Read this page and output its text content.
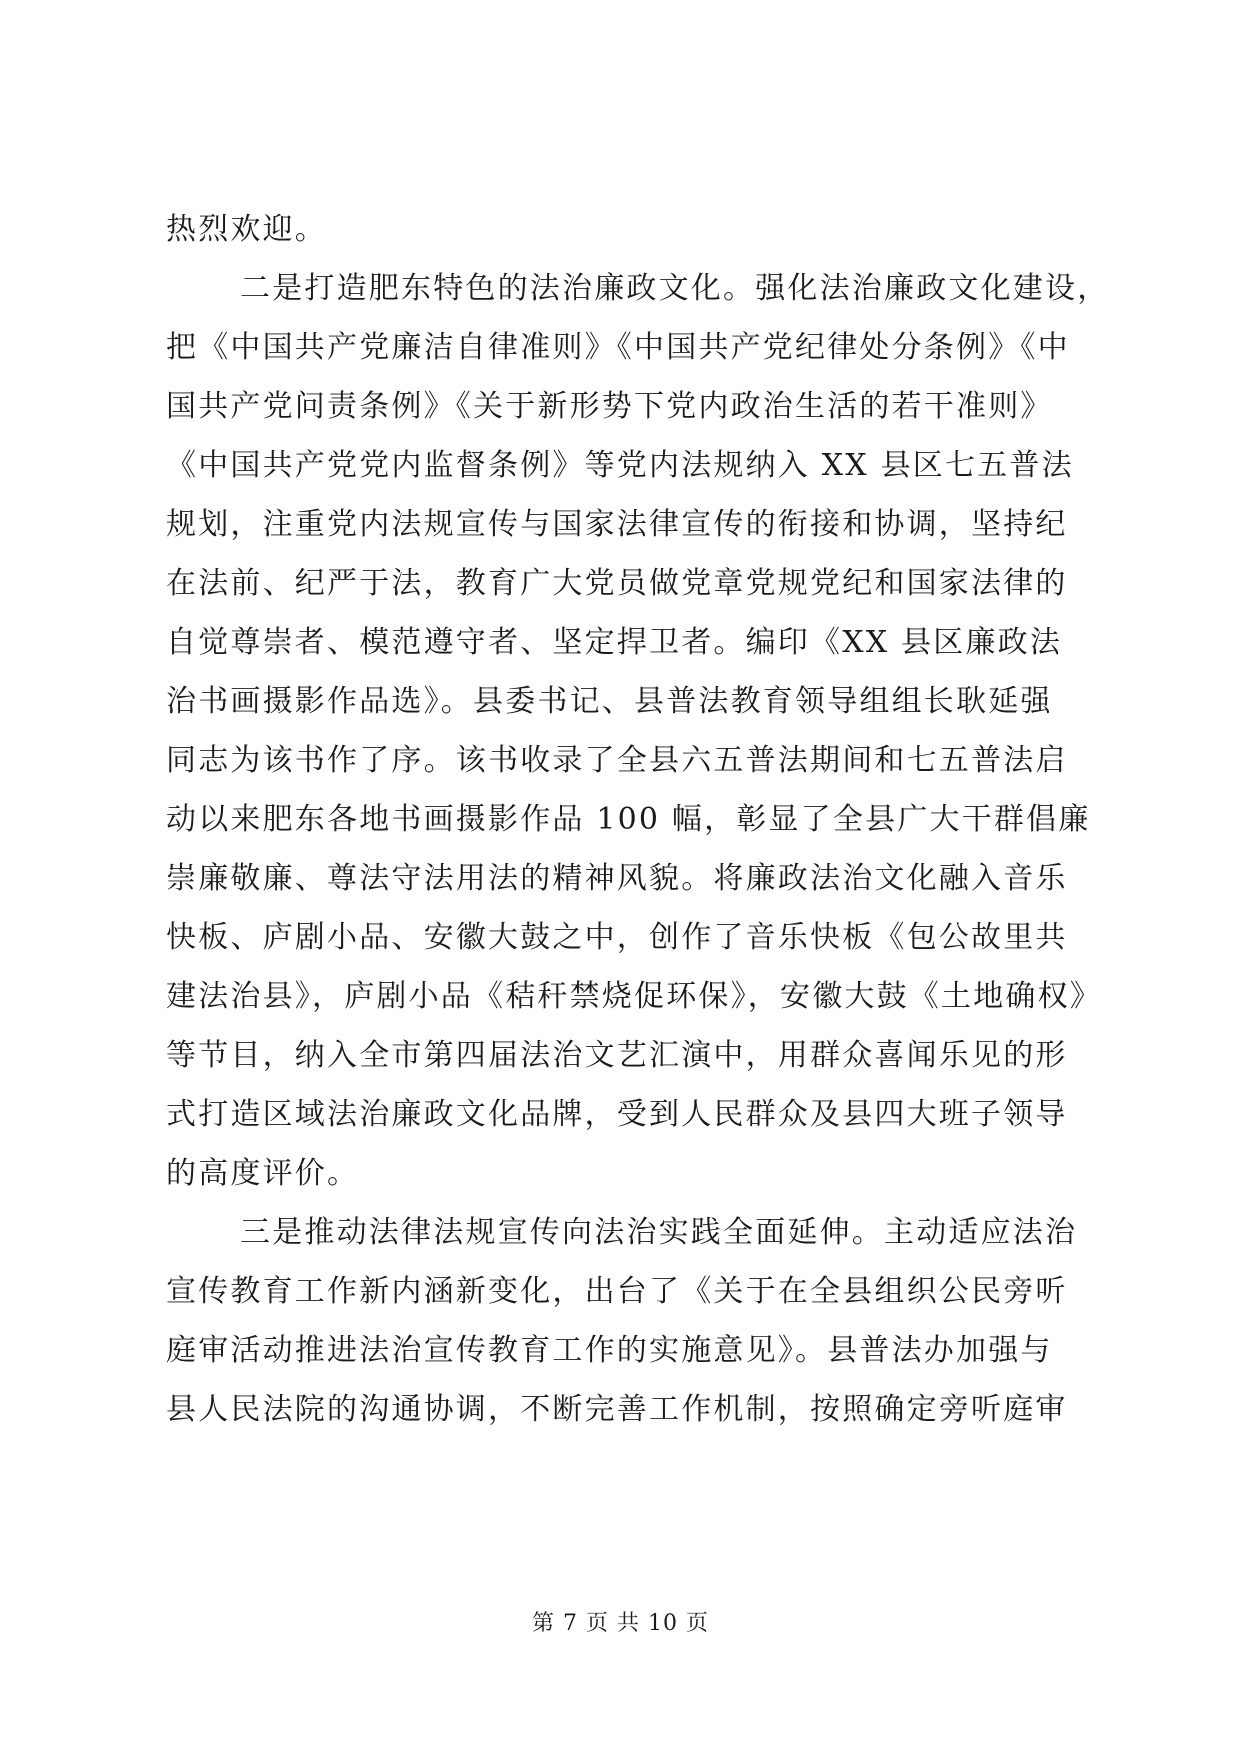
热烈欢迎。
二是打造肥东特色的法治廉政文化。强化法治廉政文化建设，
把《中国共产党廉洁自律准则》《中国共产党纪律处分条例》《中
国共产党问责条例》《关于新形势下党内政治生活的若干准则》
《中国共产党党内监督条例》等党内法规纳入 XX 县区七五普法
规划，注重党内法规宣传与国家法律宣传的衔接和协调，坚持纪
在法前、纪严于法，教育广大党员做党章党规党纪和国家法律的
自觉尊崇者、模范遵守者、坚定捍卫者。编印《XX 县区廉政法
治书画摄影作品选》。县委书记、县普法教育领导组组长耿延强
同志为该书作了序。该书收录了全县六五普法期间和七五普法启
动以来肥东各地书画摄影作品 100 幅，彰显了全县广大干群倡廉
崇廉敬廉、尊法守法用法的精神风貌。将廉政法治文化融入音乐
快板、庐剧小品、安徽大鼓之中，创作了音乐快板《包公故里共
建法治县》，庐剧小品《秸秆禁烧促环保》，安徽大鼓《土地确权》
等节目，纳入全市第四届法治文艺汇演中，用群众喜闻乐见的形
式打造区域法治廉政文化品牌，受到人民群众及县四大班子领导
的高度评价。
三是推动法律法规宣传向法治实践全面延伸。主动适应法治
宣传教育工作新内涵新变化，出台了《关于在全县组织公民旁听
庭审活动推进法治宣传教育工作的实施意见》。县普法办加强与
县人民法院的沟通协调，不断完善工作机制，按照确定旁听庭审
第 7 页 共 10 页
